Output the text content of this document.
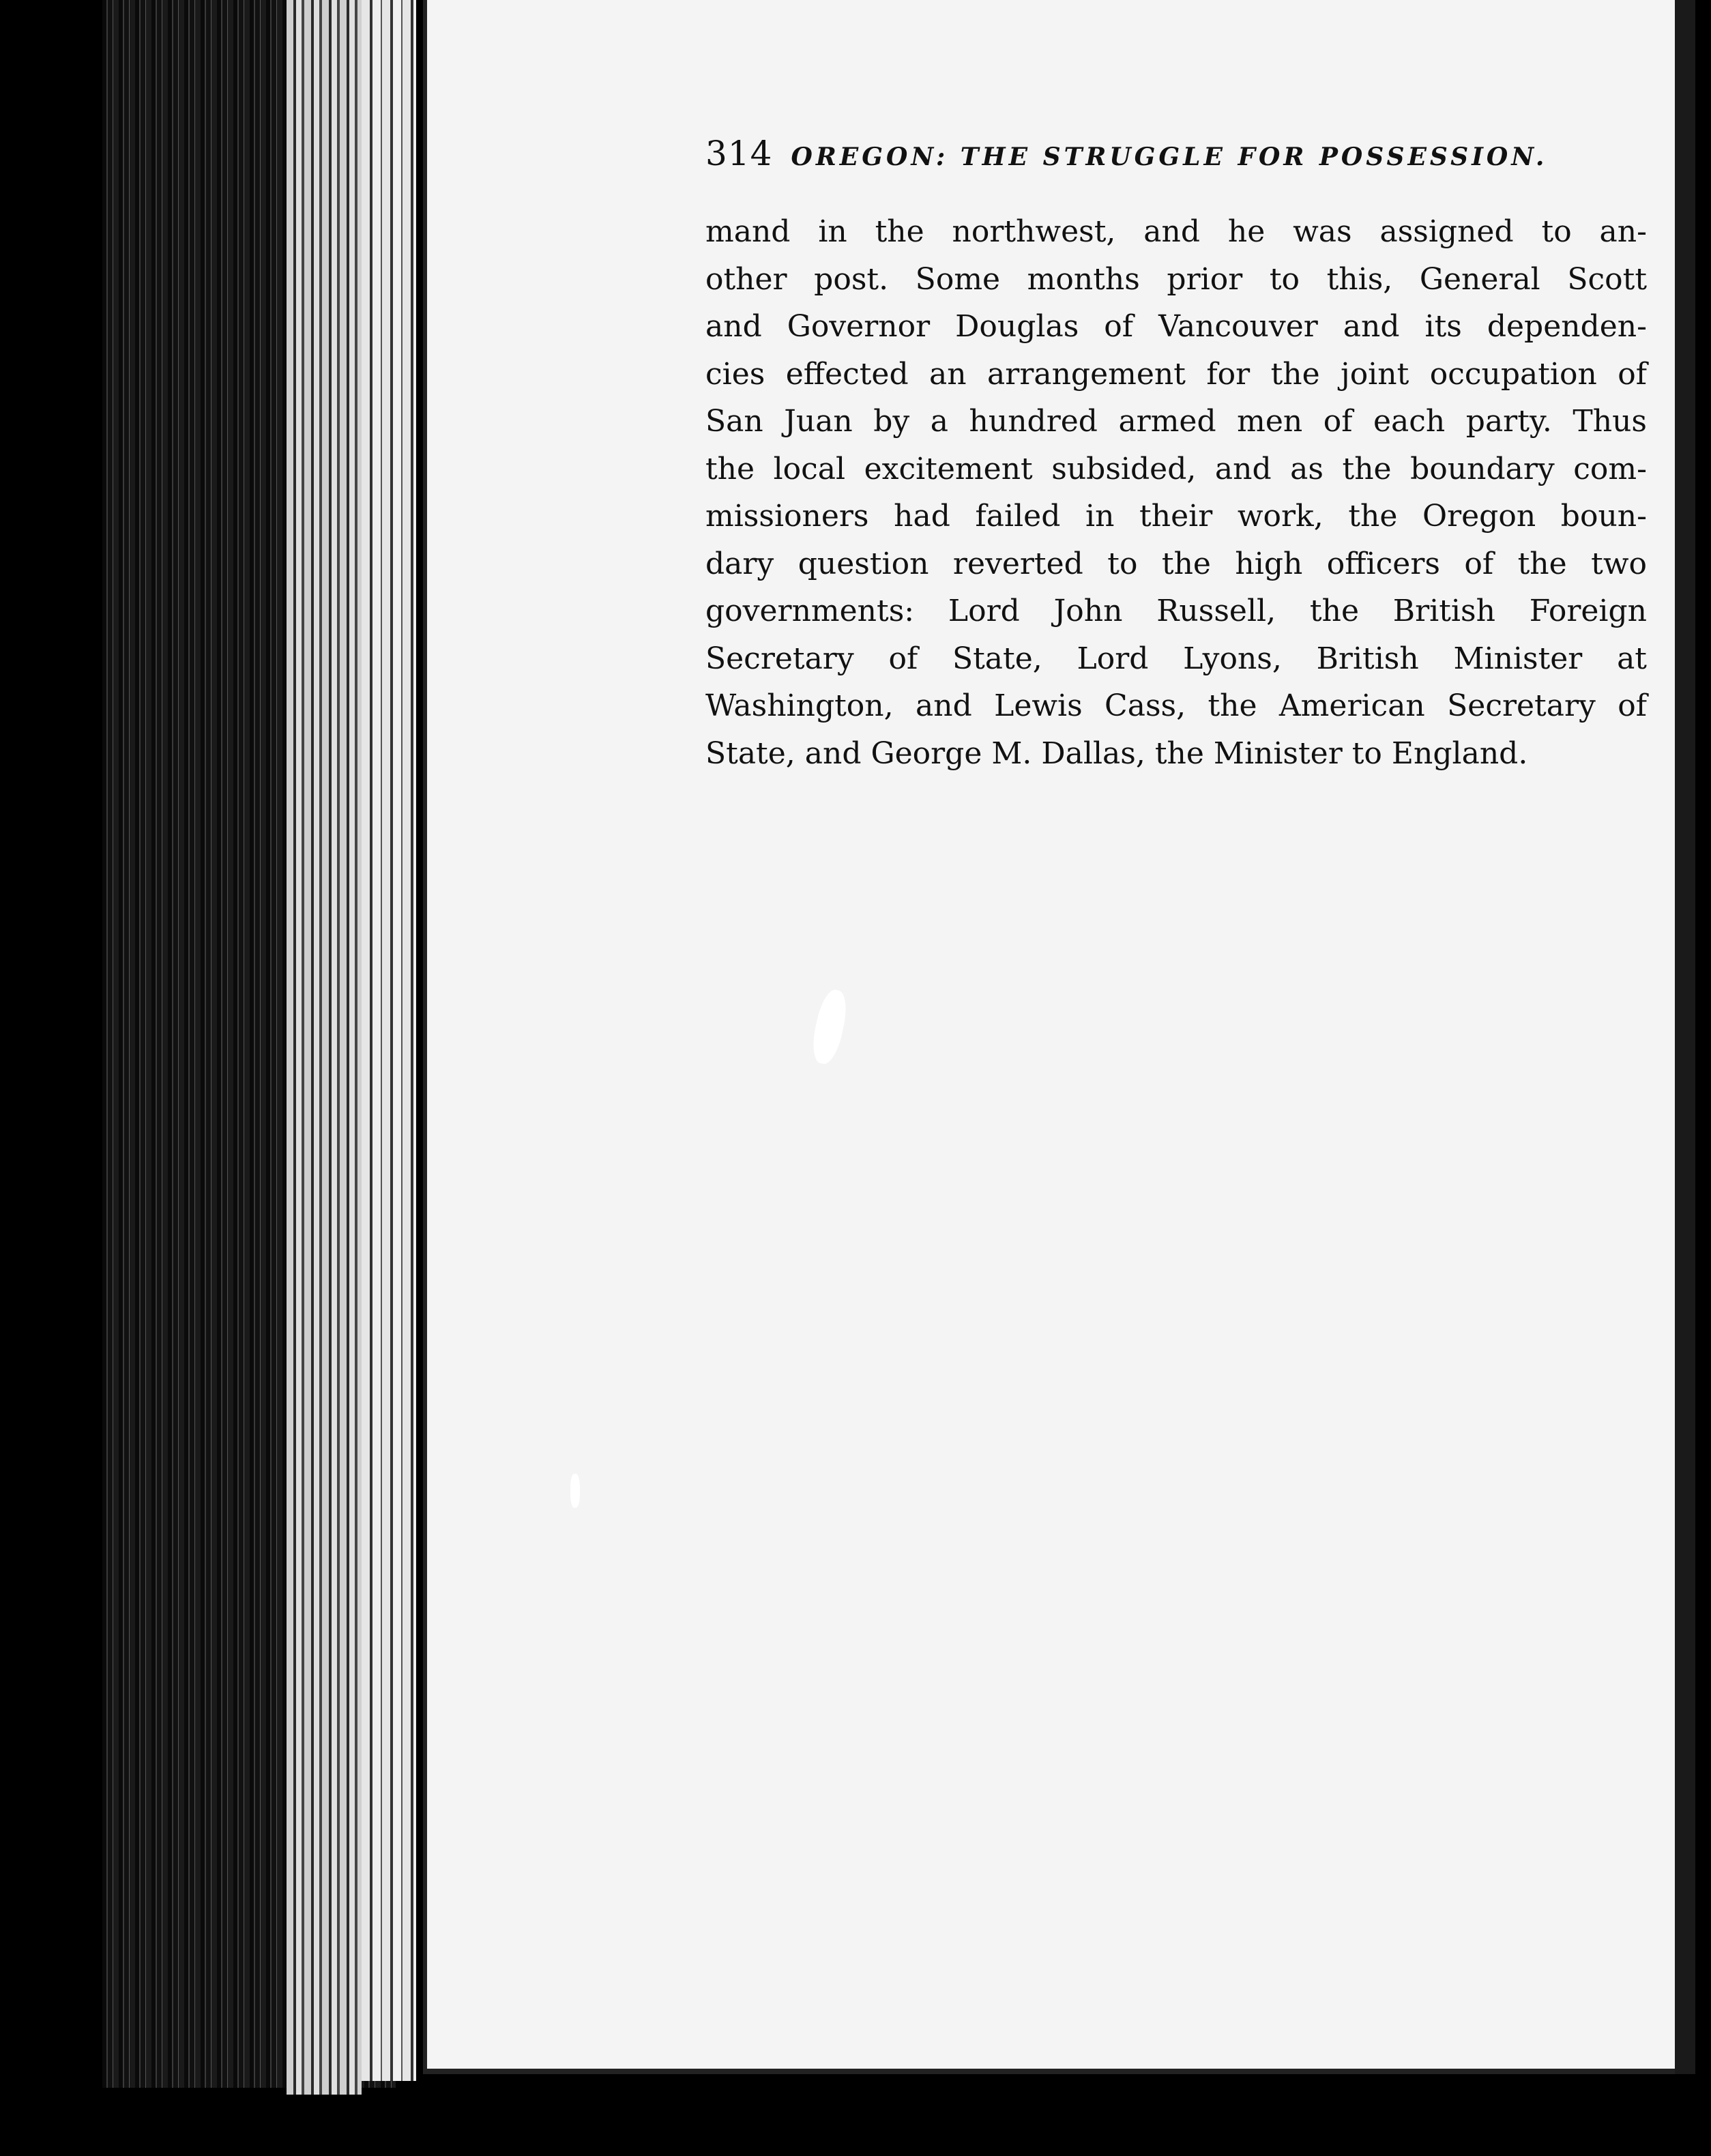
314 OREGON: THE STRUGGLE FOR POSSESSION.
mand in the northwest, and he was assigned to an-
other post. Some months prior to this, General Scott
and Governor Douglas of Vancouver and its dependen-
cies effected an arrangement for the joint occupation of
San Juan by a hundred armed men of each party. Thus
the local excitement subsided, and as the boundary com-
missioners had failed in their work, the Oregon boun-
dary question reverted to the high officers of the two
governments: Lord John Russell, the British Foreign
Secretary of State, Lord Lyons, British Minister at
Washington, and Lewis Cass, the American Secretary of
State, and George M. Dallas, the Minister to England.
